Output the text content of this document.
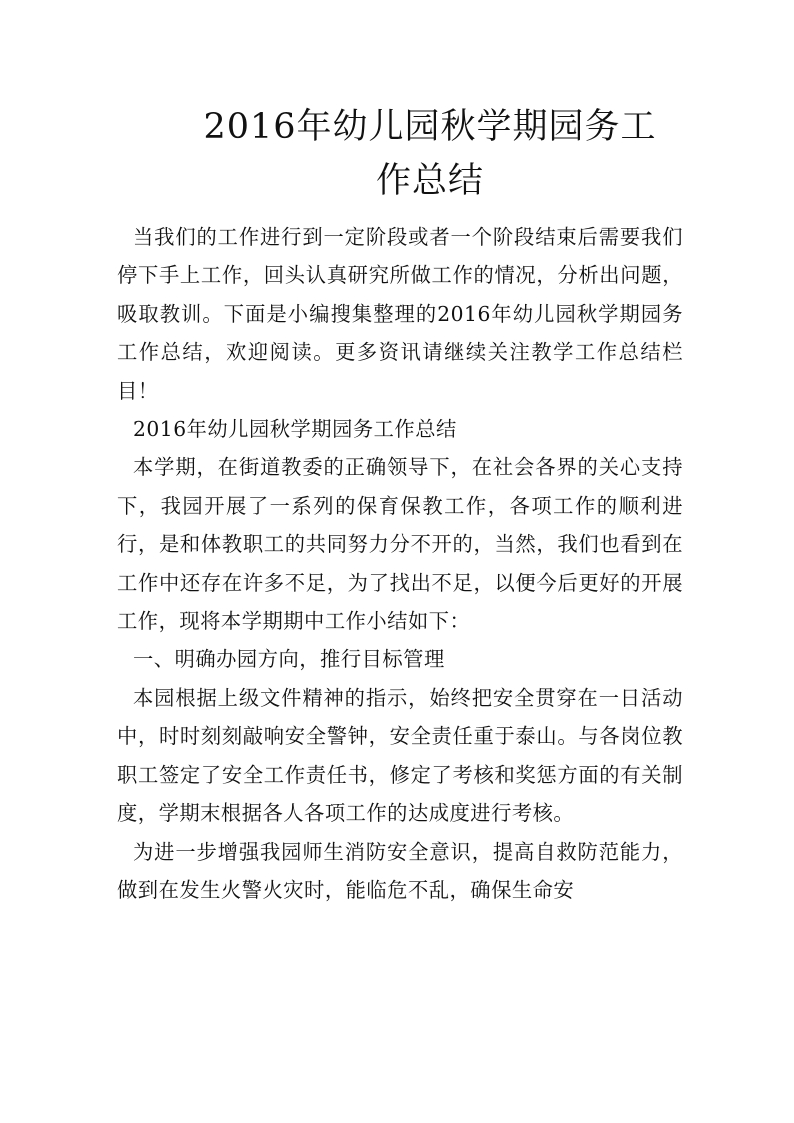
2016年幼儿园秋学期园务工
作总结

当我们的工作进行到一定阶段或者一个阶段结束后需要我们停下手上工作，回头认真研究所做工作的情况，分析出问题，吸取教训。下面是小编搜集整理的2016年幼儿园秋学期园务工作总结，欢迎阅读。更多资讯请继续关注教学工作总结栏目！

2016年幼儿园秋学期园务工作总结

本学期，在街道教委的正确领导下，在社会各界的关心支持下，我园开展了一系列的保育保教工作，各项工作的顺利进行，是和体教职工的共同努力分不开的，当然，我们也看到在工作中还存在许多不足，为了找出不足，以便今后更好的开展工作，现将本学期期中工作小结如下：

一、明确办园方向，推行目标管理

本园根据上级文件精神的指示，始终把安全贯穿在一日活动中，时时刻刻敲响安全警钟，安全责任重于泰山。与各岗位教职工签定了安全工作责任书，修定了考核和奖惩方面的有关制度，学期末根据各人各项工作的达成度进行考核。

为进一步增强我园师生消防安全意识，提高自救防范能力，做到在发生火警火灾时，能临危不乱，确保生命安
